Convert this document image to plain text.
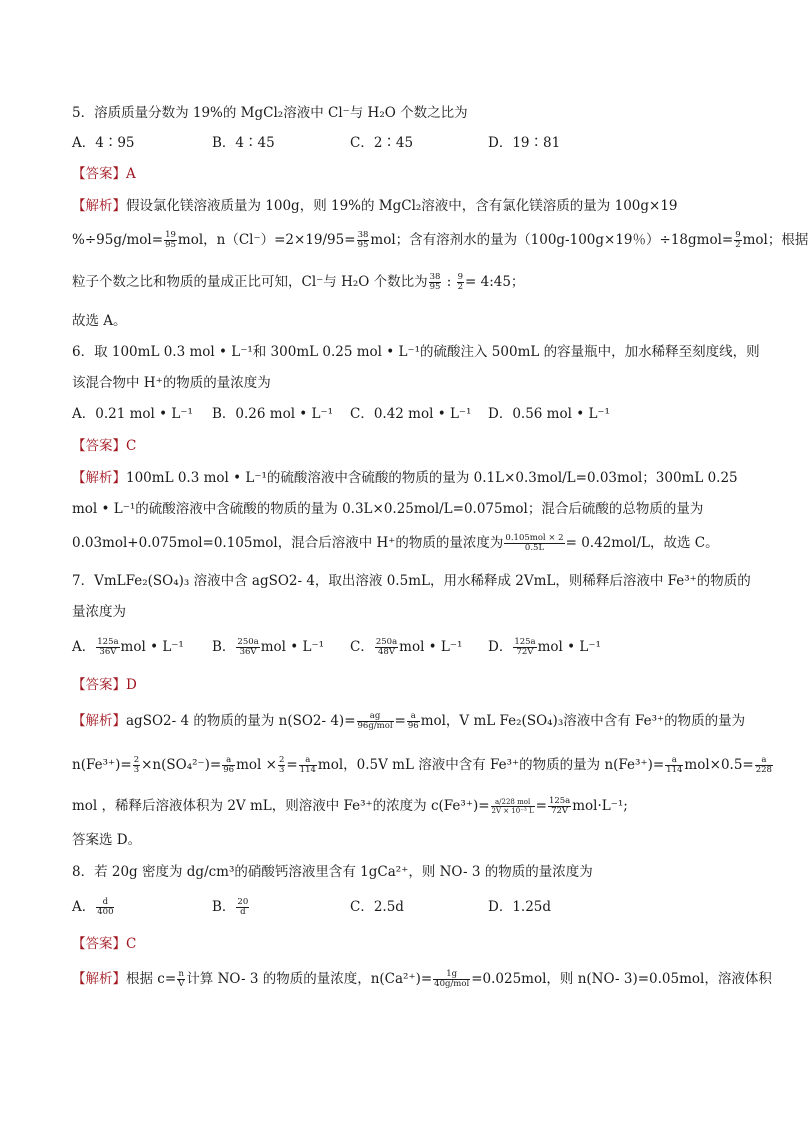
5．溶质质量分数为 19%的 MgCl₂溶液中 Cl⁻与 H₂O 个数之比为
A．4∶95	B．4∶45	C．2∶45	D．19∶81
【答案】A
【解析】假设氯化镁溶液质量为 100g，则 19%的 MgCl₂溶液中，含有氯化镁溶质的量为 100g×19
$\%\div 95g/mol= \frac{19}{95}$ mol，$n(Cl^-)=2\times 19/95= \frac{38}{95}$ mol；含有溶剂水的量为（100g-100g×19％）÷18gmol= $\frac{9}{2}$ mol；根据
粒子个数之比和物质的量成正比可知，Cl⁻与 H₂O 个数比为 $\frac{38}{95}$ : $\frac{9}{2}$ = 4:45；
故选 A。
6．取 100mL 0.3 mol • L⁻¹和 300mL 0.25 mol • L⁻¹的硫酸注入 500mL 的容量瓶中，加水稀释至刻度线，则
该混合物中 H⁺的物质的量浓度为
A．0.21 mol • L⁻¹ B．0.26 mol • L⁻¹ C．0.42 mol • L⁻¹ D．0.56 mol • L⁻¹
【答案】C
【解析】100mL 0.3 mol • L⁻¹的硫酸溶液中含硫酸的物质的量为 0.1L×0.3mol/L=0.03mol；300mL 0.25
mol • L⁻¹的硫酸溶液中含硫酸的物质的量为 0.3L×0.25mol/L=0.075mol；混合后硫酸的总物质的量为
0.03mol+0.075mol=0.105mol，混合后溶液中 H⁺的物质的量浓度为 $\frac{\text{0.105mol × 2}}{0.5L} = 0.42mol/L$，故选 C。
7．VmLFe₂(SO₄)₃ 溶液中含 agSO2- 4，取出溶液 0.5mL，用水稀释成 2VmL，则稀释后溶液中 Fe³⁺的物质的
量浓度为
A． $\frac{125a}{36V}$ mol • L⁻¹ B． $\frac{250a}{36V}$ mol • L⁻¹ C． $\frac{250a}{48V}$ mol • L⁻¹ D． $\frac{125a}{72V}$ mol • L⁻¹
【答案】D
【解析】agSO2- 4 的物质的量为 n(SO2- $4)= \frac{ag}{\text{96g/mol}} = \frac{a}{96}$ mol，V mL Fe₂(SO₄)₃溶液中含有 Fe³⁺的物质的量为
$n(Fe^{3+})= \frac{2}{3} \times n(SO_4^{2-})= \frac{a}{96}$ mol × $\frac{2}{3} = \frac{a}{114}$ mol，0.5V mL 溶液中含有 Fe³⁺的物质的量为 $n(Fe^{3+})= \frac{a}{114} mol\times 0.5= \frac{a}{228}$
mol ，稀释后溶液体积为 2V mL，则溶液中 Fe³⁺的浓度为 $c(Fe^{3+})= \frac{\text{a/228 mol}}{\text{2V × 10⁻³ L}} = \frac{125a}{72V} mol\cdot L^{-1}$;
答案选 D。
8．若 20g 密度为 dg/cm³的硝酸钙溶液里含有 1gCa²⁺，则 NO- 3 的物质的量浓度为
A． $\frac{d}{400}$	B． $\frac{20}{d}$	C．2.5d	D．1.25d
【答案】C
【解析】根据 $c= \frac{n}{V}$ 计算 NO- 3 的物质的量浓度，$n(Ca^{2+})= \frac{1g}{\text{40g/mol}} =0.025mol$，则 n(NO- 3)=0.05mol，溶液体积
